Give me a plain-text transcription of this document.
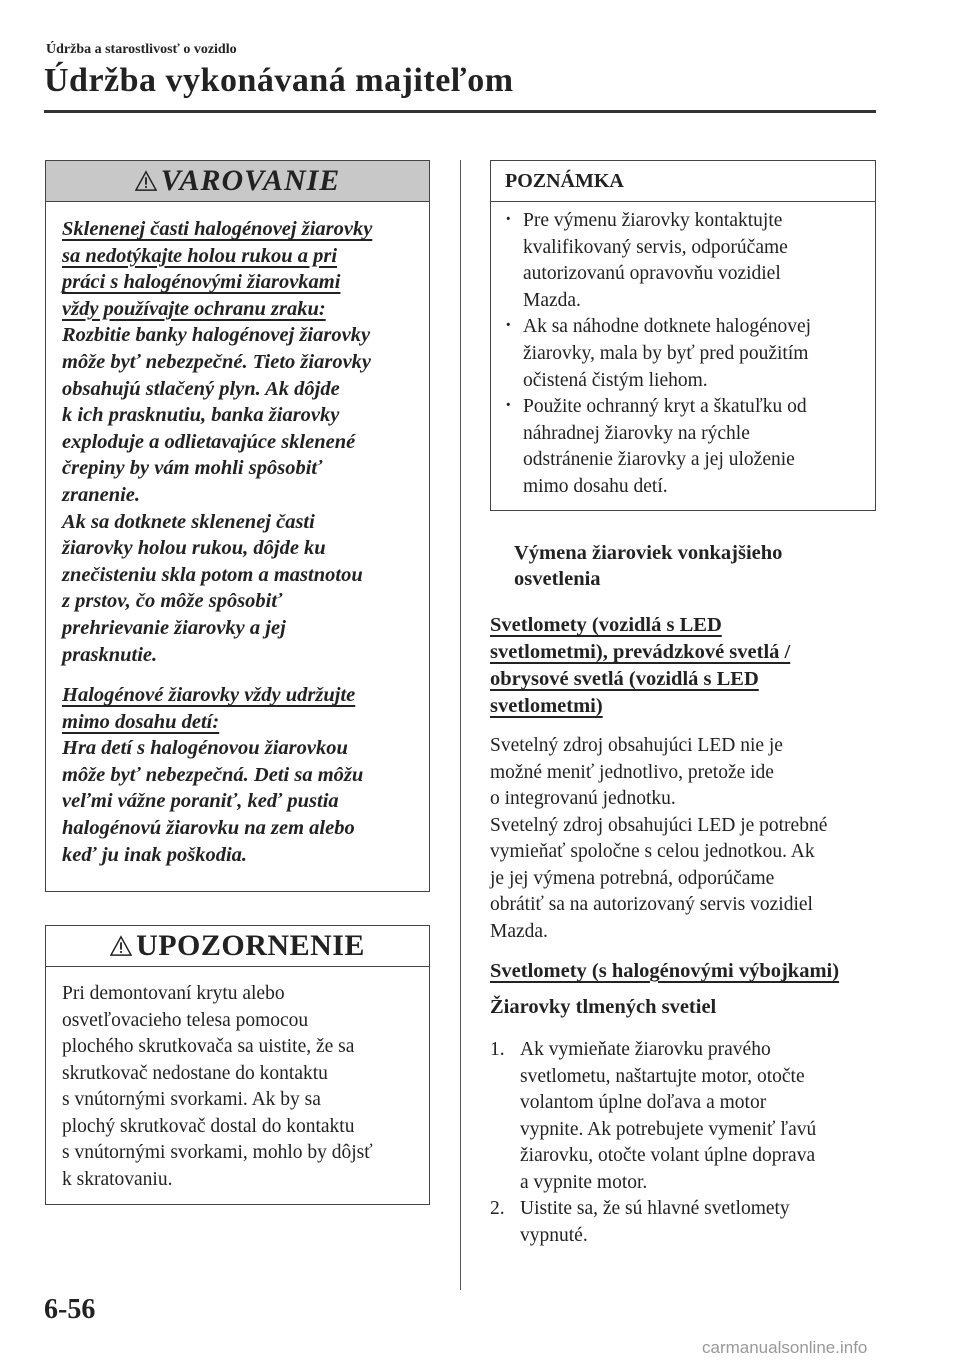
Údržba a starostlivosť o vozidlo
Údržba vykonávaná majiteľom
VAROVANIE
Sklenenej časti halogénovej žiarovky
sa nedotýkajte holou rukou a pri
práci s halogénovými žiarovkami
vždy používajte ochranu zraku:
Rozbitie banky halogénovej žiarovky
môže byť nebezpečné. Tieto žiarovky
obsahujú stlačený plyn. Ak dôjde
k ich prasknutiu, banka žiarovky
exploduje a odlietavajúce sklenené
črepiny by vám mohli spôsobiť
zranenie.
Ak sa dotknete sklenenej časti
žiarovky holou rukou, dôjde ku
znečisteniu skla potom a mastnotou
z prstov, čo môže spôsobiť
prehrievanie žiarovky a jej
prasknutie.
Halogénové žiarovky vždy udržujte
mimo dosahu detí:
Hra detí s halogénovou žiarovkou
môže byť nebezpečná. Deti sa môžu
veľmi vážne poraniť, keď pustia
halogénovú žiarovku na zem alebo
keď ju inak poškodia.
UPOZORNENIE
Pri demontovaní krytu alebo
osvetľovacieho telesa pomocou
plochého skrutkovača sa uistite, že sa
skrutkovač nedostane do kontaktu
s vnútornými svorkami. Ak by sa
plochý skrutkovač dostal do kontaktu
s vnútornými svorkami, mohlo by dôjsť
k skratovaniu.
POZNÁMKA
· Pre výmenu žiarovky kontaktujte
kvalifikovaný servis, odporúčame
autorizovanú opravovňu vozidiel
Mazda.
· Ak sa náhodne dotknete halogénovej
žiarovky, mala by byť pred použitím
očistená čistým liehom.
· Použite ochranný kryt a škatuľku od
náhradnej žiarovky na rýchle
odstránenie žiarovky a jej uloženie
mimo dosahu detí.
Výmena žiaroviek vonkajšieho
osvetlenia
Svetlomety (vozidlá s LED
svetlometmi), prevádzkové svetlá /
obrysové svetlá (vozidlá s LED
svetlometmi)
Svetelný zdroj obsahujúci LED nie je
možné meniť jednotlivo, pretože ide
o integrovanú jednotku.
Svetelný zdroj obsahujúci LED je potrebné
vymieňať spoločne s celou jednotkou. Ak
je jej výmena potrebná, odporúčame
obrátiť sa na autorizovaný servis vozidiel
Mazda.
Svetlomety (s halogénovými výbojkami)
Žiarovky tlmených svetiel
1. Ak vymieňate žiarovku pravého
svetlometu, naštartujte motor, otočte
volantom úplne doľava a motor
vypnite. Ak potrebujete vymeniť ľavú
žiarovku, otočte volant úplne doprava
a vypnite motor.
2. Uistite sa, že sú hlavné svetlomety
vypnuté.
6-56
carmanualsonline.info
